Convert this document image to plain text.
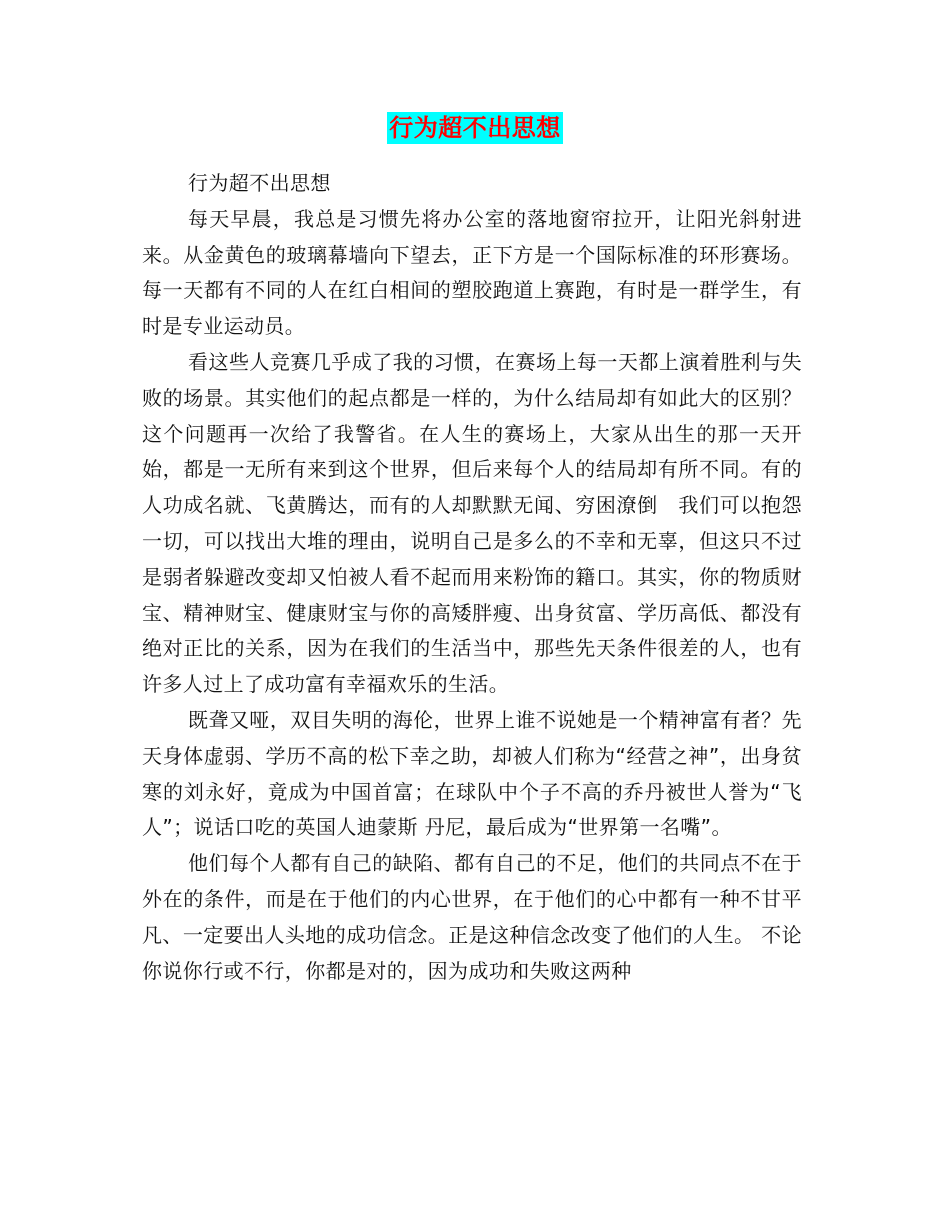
行为超不出思想

行为超不出思想

每天早晨，我总是习惯先将办公室的落地窗帘拉开，让阳光斜射进来。从金黄色的玻璃幕墙向下望去，正下方是一个国际标准的环形赛场。每一天都有不同的人在红白相间的塑胶跑道上赛跑，有时是一群学生，有时是专业运动员。

看这些人竞赛几乎成了我的习惯，在赛场上每一天都上演着胜利与失败的场景。其实他们的起点都是一样的，为什么结局却有如此大的区别？这个问题再一次给了我警省。在人生的赛场上，大家从出生的那一天开始，都是一无所有来到这个世界，但后来每个人的结局却有所不同。有的人功成名就、飞黄腾达，而有的人却默默无闻、穷困潦倒　我们可以抱怨一切，可以找出大堆的理由，说明自己是多么的不幸和无辜，但这只不过是弱者躲避改变却又怕被人看不起而用来粉饰的籍口。其实，你的物质财宝、精神财宝、健康财宝与你的高矮胖瘦、出身贫富、学历高低、都没有绝对正比的关系，因为在我们的生活当中，那些先天条件很差的人，也有许多人过上了成功富有幸福欢乐的生活。

既聋又哑，双目失明的海伦，世界上谁不说她是一个精神富有者？先天身体虚弱、学历不高的松下幸之助，却被人们称为“经营之神”，出身贫寒的刘永好，竟成为中国首富；在球队中个子不高的乔丹被世人誉为“飞人”；说话口吃的英国人迪蒙斯 丹尼，最后成为“世界第一名嘴”。

他们每个人都有自己的缺陷、都有自己的不足，他们的共同点不在于外在的条件，而是在于他们的内心世界，在于他们的心中都有一种不甘平凡、一定要出人头地的成功信念。正是这种信念改变了他们的人生。 不论你说你行或不行，你都是对的，因为成功和失败这两种
